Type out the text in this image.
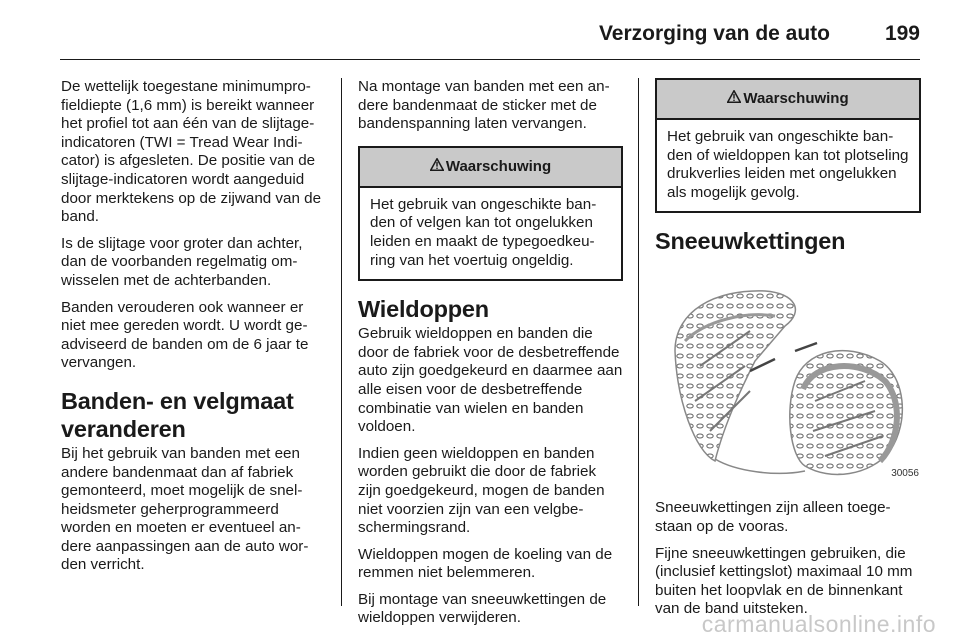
Verzorging van de auto	199

De wettelijk toegestane minimumprofieldiepte (1,6 mm) is bereikt wanneer het profiel tot aan één van de slijtageindicatoren (TWI = Tread Wear Indicator) is afgesleten. De positie van de slijtage-indicatoren wordt aangeduid door merktekens op de zijwand van de band.

Is de slijtage voor groter dan achter, dan de voorbanden regelmatig omwisselen met de achterbanden.

Banden verouderen ook wanneer er niet mee gereden wordt. U wordt geadviseerd de banden om de 6 jaar te vervangen.

Banden- en velgmaat veranderen

Bij het gebruik van banden met een andere bandenmaat dan af fabriek gemonteerd, moet mogelijk de snelheidsmeter geherprogrammeerd worden en moeten er eventueel andere aanpassingen aan de auto worden verricht.

Na montage van banden met een andere bandenmaat de sticker met de bandenspanning laten vervangen.

Waarschuwing
Het gebruik van ongeschikte banden of velgen kan tot ongelukken leiden en maakt de typegoedkeuring van het voertuig ongeldig.
Wieldoppen

Gebruik wieldoppen en banden die door de fabriek voor de desbetreffende auto zijn goedgekeurd en daarmee aan alle eisen voor de desbetreffende combinatie van wielen en banden voldoen.

Indien geen wieldoppen en banden worden gebruikt die door de fabriek zijn goedgekeurd, mogen de banden niet voorzien zijn van een velgbeschermingsrand.

Wieldoppen mogen de koeling van de remmen niet belemmeren.

Bij montage van sneeuwkettingen de wieldoppen verwijderen.

Waarschuwing
Het gebruik van ongeschikte banden of wieldoppen kan tot plotseling drukverlies leiden met ongelukken als mogelijk gevolg.
Sneeuwkettingen
30056

Sneeuwkettingen zijn alleen toegestaan op de vooras.

Fijne sneeuwkettingen gebruiken, die (inclusief kettingslot) maximaal 10 mm buiten het loopvlak en de binnenkant van de band uitsteken.

carmanualsonline.info
